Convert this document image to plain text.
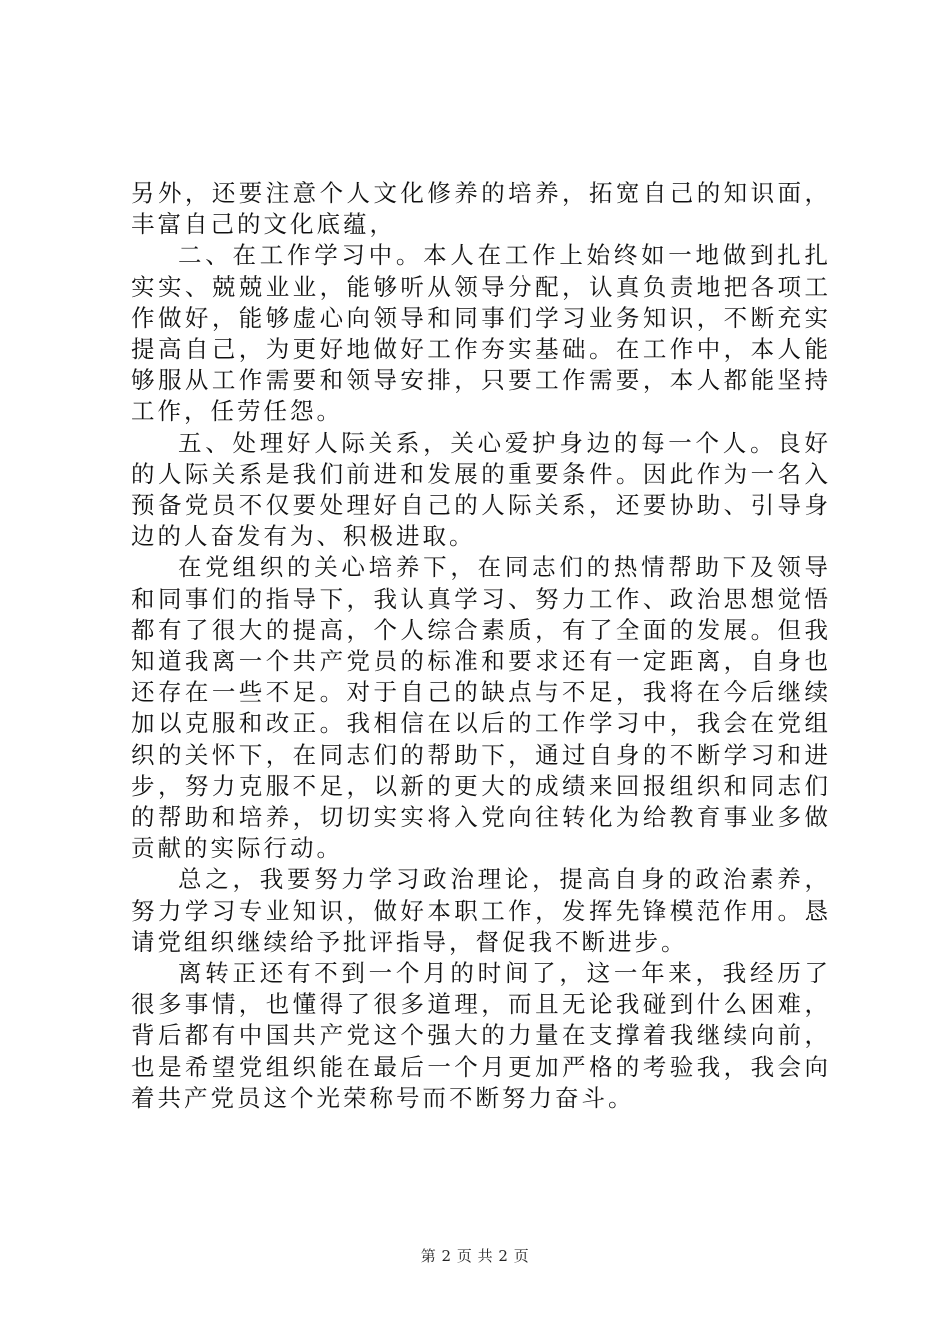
另外，还要注意个人文化修养的培养，拓宽自己的知识面，丰富自己的文化底蕴，

二、在工作学习中。本人在工作上始终如一地做到扎扎实实、兢兢业业，能够听从领导分配，认真负责地把各项工作做好，能够虚心向领导和同事们学习业务知识，不断充实提高自己，为更好地做好工作夯实基础。在工作中，本人能够服从工作需要和领导安排，只要工作需要，本人都能坚持工作，任劳任怨。

五、处理好人际关系，关心爱护身边的每一个人。良好的人际关系是我们前进和发展的重要条件。因此作为一名入预备党员不仅要处理好自己的人际关系，还要协助、引导身边的人奋发有为、积极进取。

在党组织的关心培养下，在同志们的热情帮助下及领导和同事们的指导下，我认真学习、努力工作、政治思想觉悟都有了很大的提高，个人综合素质，有了全面的发展。但我知道我离一个共产党员的标准和要求还有一定距离，自身也还存在一些不足。对于自己的缺点与不足，我将在今后继续加以克服和改正。我相信在以后的工作学习中，我会在党组织的关怀下，在同志们的帮助下，通过自身的不断学习和进步，努力克服不足，以新的更大的成绩来回报组织和同志们的帮助和培养，切切实实将入党向往转化为给教育事业多做贡献的实际行动。

总之，我要努力学习政治理论，提高自身的政治素养，努力学习专业知识，做好本职工作，发挥先锋模范作用。恳请党组织继续给予批评指导，督促我不断进步。

离转正还有不到一个月的时间了，这一年来，我经历了很多事情，也懂得了很多道理，而且无论我碰到什么困难，背后都有中国共产党这个强大的力量在支撑着我继续向前，也是希望党组织能在最后一个月更加严格的考验我，我会向着共产党员这个光荣称号而不断努力奋斗。

第 2 页 共 2 页
